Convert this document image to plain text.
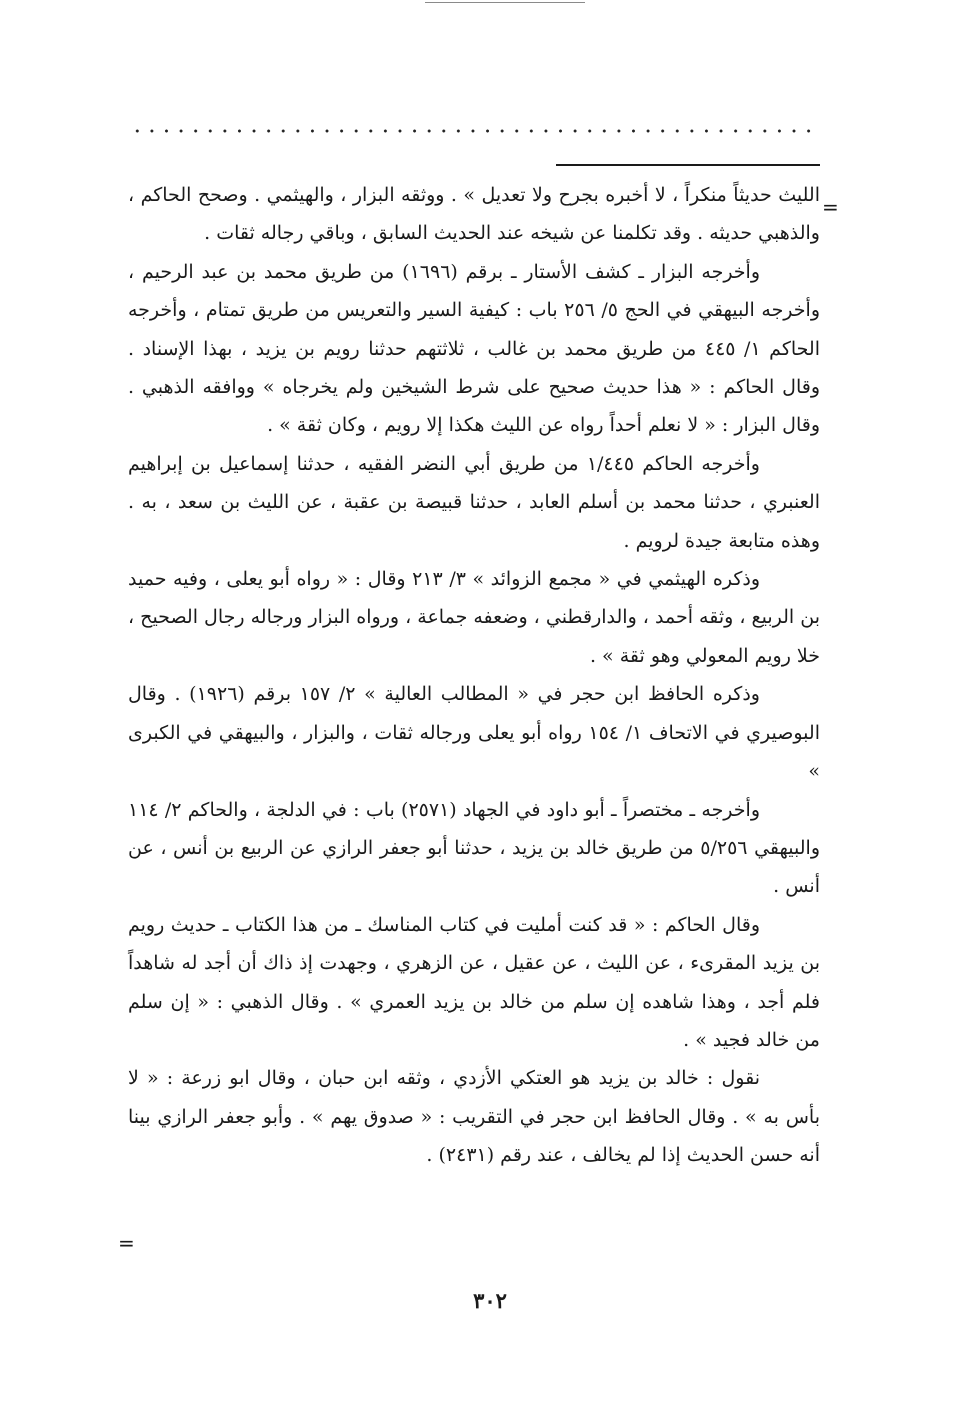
=

الليث حديثاً منكراً ، لا أخبره بجرح ولا تعديل » . ووثقه البزار ، والهيثمي . وصحح الحاكم ، والذهبي حديثه . وقد تكلمنا عن شيخه عند الحديث السابق ، وباقي رجاله ثقات .

وأخرجه البزار ـ كشف الأستار ـ برقم (١٦٩٦) من طريق محمد بن عبد الرحيم ، وأخرجه البيهقي في الحج ٥/ ٢٥٦ باب : كيفية السير والتعريس من طريق تمتام ، وأخرجه الحاكم ١/ ٤٤٥ من طريق محمد بن غالب ، ثلاثتهم حدثنا رويم بن يزيد ، بهذا الإسناد . وقال الحاكم : « هذا حديث صحيح على شرط الشيخين ولم يخرجاه » ووافقه الذهبي . وقال البزار : « لا نعلم أحداً رواه عن الليث هكذا إلا رويم ، وكان ثقة » .

وأخرجه الحاكم ١/٤٤٥ من طريق أبي النضر الفقيه ، حدثنا إسماعيل بن إبراهيم العنبري ، حدثنا محمد بن أسلم العابد ، حدثنا قبيصة بن عقبة ، عن الليث بن سعد ، به . وهذه متابعة جيدة لرويم .

وذكره الهيثمي في « مجمع الزوائد » ٣/ ٢١٣ وقال : « رواه أبو يعلى ، وفيه حميد بن الربيع ، وثقه أحمد ، والدارقطني ، وضعفه جماعة ، ورواه البزار ورجاله رجال الصحيح ، خلا رويم المعولي وهو ثقة » .

وذكره الحافظ ابن حجر في « المطالب العالية » ٢/ ١٥٧ برقم (١٩٢٦) . وقال البوصيري في الاتحاف ١/ ١٥٤ رواه أبو يعلى ورجاله ثقات ، والبزار ، والبيهقي في الكبرى »

وأخرجه ـ مختصراً ـ أبو داود في الجهاد (٢٥٧١) باب : في الدلجة ، والحاكم ٢/ ١١٤ والبيهقي ٥/٢٥٦ من طريق خالد بن يزيد ، حدثنا أبو جعفر الرازي عن الربيع بن أنس ، عن أنس .

وقال الحاكم : « قد كنت أمليت في كتاب المناسك ـ من هذا الكتاب ـ حديث رويم بن يزيد المقرىء ، عن الليث ، عن عقيل ، عن الزهري ، وجهدت إذ ذاك أن أجد له شاهداً فلم أجد ، وهذا شاهده إن سلم من خالد بن يزيد العمري » . وقال الذهبي : « إن سلم من خالد فجيد » .

نقول : خالد بن يزيد هو العتكي الأزدي ، وثقه ابن حبان ، وقال ابو زرعة : « لا بأس به » . وقال الحافظ ابن حجر في التقريب : « صدوق يهم » . وأبو جعفر الرازي بينا أنه حسن الحديث إذا لم يخالف ، عند رقم (٢٤٣١) .

=
٣٠٢
